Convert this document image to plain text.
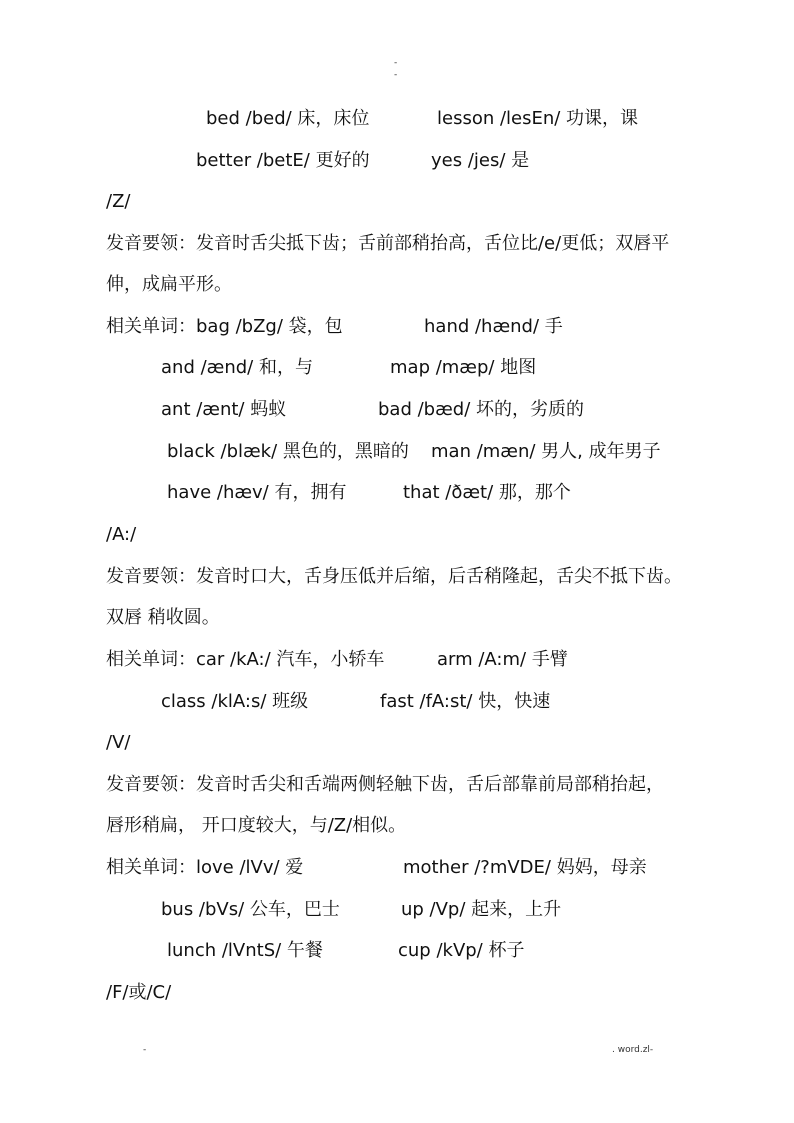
-
-
bed /bed/ 床，床位	lesson /lesEn/ 功课，课
better /betE/ 更好的	yes /jes/ 是
/Z/
发音要领：发音时舌尖抵下齿；舌前部稍抬高，舌位比/e/更低；双唇平
伸，成扁平形。
相关单词：bag /bZg/ 袋，包	hand /hænd/ 手
and /ænd/ 和，与	map /mæp/ 地图
ant /ænt/ 蚂蚁	bad /bæd/ 坏的，劣质的
black /blæk/ 黑色的，黑暗的 man /mæn/ 男人, 成年男子
have /hæv/ 有，拥有	that /ðæt/ 那，那个
/A:/
发音要领：发音时口大，舌身压低并后缩，后舌稍隆起，舌尖不抵下齿。
双唇 稍收圆。
相关单词：car /kA:/ 汽车，小轿车	arm /A:m/ 手臂
class /klA:s/ 班级	fast /fA:st/ 快，快速
/V/
发音要领：发音时舌尖和舌端两侧轻触下齿，舌后部靠前局部稍抬起，
唇形稍扁， 开口度较大，与/Z/相似。
相关单词：love /lVv/ 爱	mother /?mVDE/ 妈妈，母亲
bus /bVs/ 公车，巴士	up /Vp/ 起来，上升
lunch /lVntS/ 午餐	cup /kVp/ 杯子
/F/或/C/
-	. word.zl-
